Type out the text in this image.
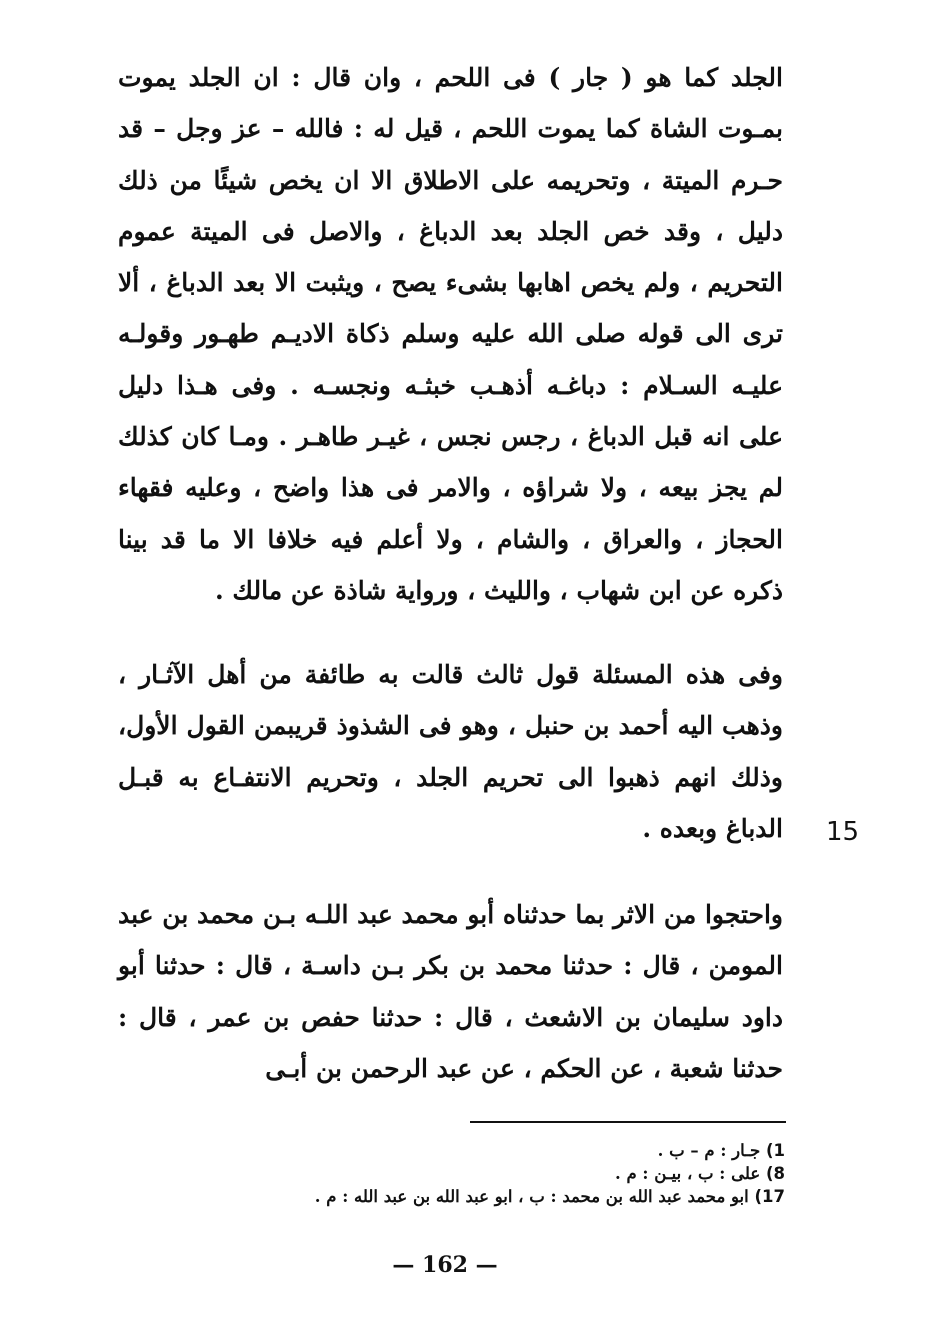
الجلد كما هو ( جار ) فى اللحم ، وان قال : ان الجلد يموت بمـوت الشاة كما يموت اللحم ، قيل له : فالله – عز وجل – قد حـرم الميتة ، وتحريمه على الاطلاق الا ان يخص شيئًا من ذلك دليل ، وقد خص الجلد بعد الدباغ ، والاصل فى الميتة عموم التحريم ، ولم يخص اهابها بشىء يصح ، ويثبت الا بعد الدباغ ، ألا ترى الى قوله صلى الله عليه وسلم ذكاة الاديـم طهـور وقولـه عليـه السـلام : دباغـه أذهـب خبثـه ونجسـه . وفى هـذا دليل على انه قبل الدباغ ، رجس نجس ، غيـر طاهـر . ومـا كان كذلك لم يجز بيعه ، ولا شراؤه ، والامر فى هذا واضح ، وعليه فقهاء الحجاز ، والعراق ، والشام ، ولا أعلم فيه خلافا الا ما قد بينا ذكره عن ابن شهاب ، والليث ، ورواية شاذة عن مالك .

وفى هذه المسئلة قول ثالث قالت به طائفة من أهل الآثـار ، وذهب اليه أحمد بن حنبل ، وهو فى الشذوذ قريبمن القول الأول، وذلك انهم ذهبوا الى تحريم الجلد ، وتحريم الانتفـاع به قبـل الدباغ وبعده . 15

واحتجوا من الاثر بما حدثناه أبو محمد عبد اللـه بـن محمد بن عبد المومن ، قال : حدثنا محمد بن بكر بـن داسـة ، قال : حدثنا أبو داود سليمان بن الاشعث ، قال : حدثنا حفص بن عمر ، قال : حدثنا شعبة ، عن الحكم ، عن عبد الرحمن بن أبـى

1) جـار : م – ب .
8) على : ب ، بيـن : م .
17) ابو محمد عبد الله بن محمد : ب ، ابو عبد الله بن عبد الله : م .
— 162 —
